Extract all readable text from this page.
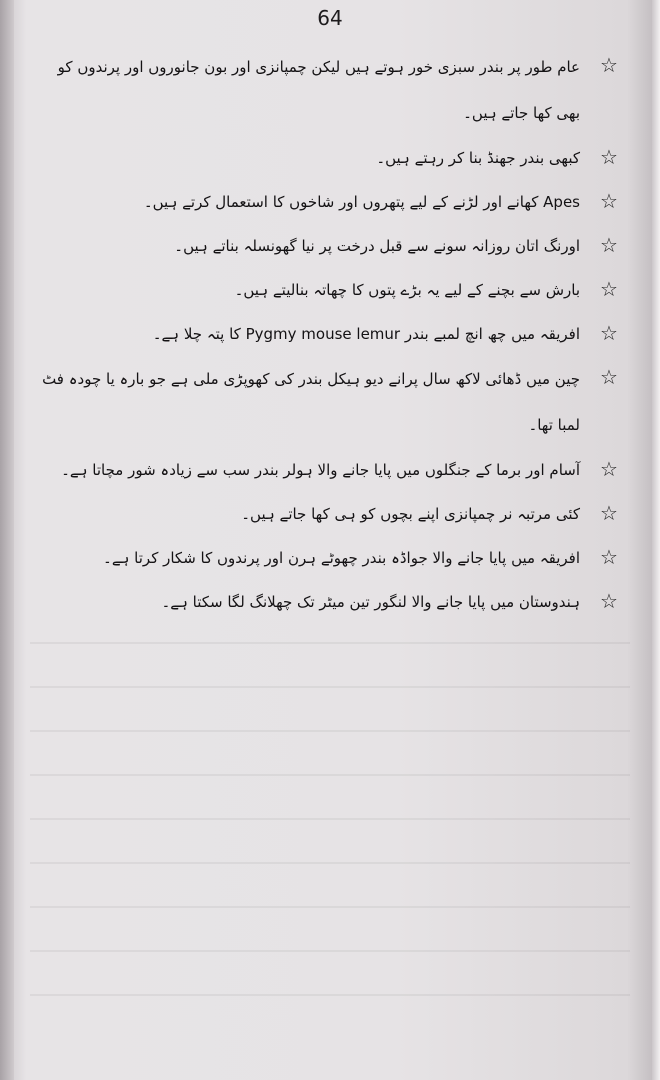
64
☆
عام طور پر بندر سبزی خور ہوتے ہیں لیکن چمپانزی اور بون جانوروں اور پرندوں کو بھی کھا جاتے ہیں۔
☆
کبھی بندر جھنڈ بنا کر رہتے ہیں۔
☆
Apes کھانے اور لڑنے کے لیے پتھروں اور شاخوں کا استعمال کرتے ہیں۔
☆
اورنگ اتان روزانہ سونے سے قبل درخت پر نیا گھونسلہ بناتے ہیں۔
☆
بارش سے بچنے کے لیے یہ بڑے پتوں کا چھاتہ بنالیتے ہیں۔
☆
افریقہ میں چھ انچ لمبے بندر Pygmy mouse lemur کا پتہ چلا ہے۔
☆
چین میں ڈھائی لاکھ سال پرانے دیو ہیکل بندر کی کھوپڑی ملی ہے جو بارہ یا چودہ فٹ لمبا تھا۔
☆
آسام اور برما کے جنگلوں میں پایا جانے والا ہولر بندر سب سے زیادہ شور مچاتا ہے۔
☆
کئی مرتبہ نر چمپانزی اپنے بچوں کو ہی کھا جاتے ہیں۔
☆
افریقہ میں پایا جانے والا جواڈہ بندر چھوٹے ہرن اور پرندوں کا شکار کرتا ہے۔
☆
ہندوستان میں پایا جانے والا لنگور تین میٹر تک چھلانگ لگا سکتا ہے۔
